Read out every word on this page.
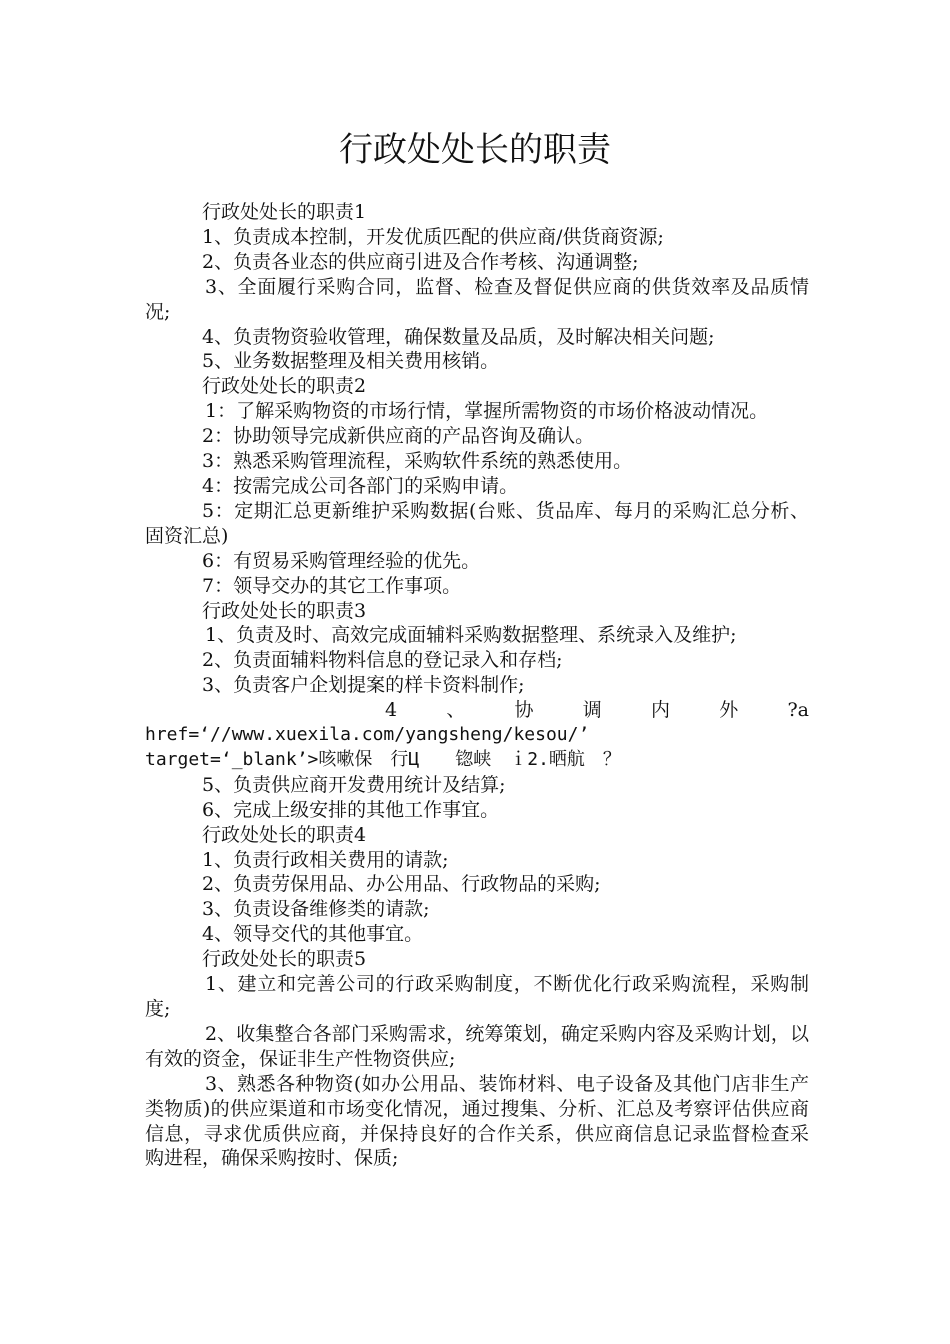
行政处处长的职责

行政处处长的职责1

1、负责成本控制，开发优质匹配的供应商/供货商资源;

2、负责各业态的供应商引进及合作考核、沟通调整;

3、全面履行采购合同，监督、检查及督促供应商的供货效率及品质情况;

4、负责物资验收管理，确保数量及品质，及时解决相关问题;

5、业务数据整理及相关费用核销。

行政处处长的职责2

1：了解采购物资的市场行情，掌握所需物资的市场价格波动情况。

2：协助领导完成新供应商的产品咨询及确认。

3：熟悉采购管理流程，采购软件系统的熟悉使用。

4：按需完成公司各部门的采购申请。

5：定期汇总更新维护采购数据(台账、货品库、每月的采购汇总分析、固资汇总)

6：有贸易采购管理经验的优先。

7：领导交办的其它工作事项。

行政处处长的职责3

1、负责及时、高效完成面辅料采购数据整理、系统录入及维护;

2、负责面辅料物料信息的登记录入和存档;

3、负责客户企划提案的样卡资料制作;

4	、	协	调	内	外	?a

href=‘//www.xuexila.com/yangsheng/kesou/’

target=‘_blank’>咳嗽保　行Ц　　锪峡　ｉ2.晒航　？

5、负责供应商开发费用统计及结算;

6、完成上级安排的其他工作事宜。

行政处处长的职责4

1、负责行政相关费用的请款;

2、负责劳保用品、办公用品、行政物品的采购;

3、负责设备维修类的请款;

4、领导交代的其他事宜。

行政处处长的职责5

1、建立和完善公司的行政采购制度，不断优化行政采购流程，采购制度;

2、收集整合各部门采购需求，统筹策划，确定采购内容及采购计划，以有效的资金，保证非生产性物资供应;

3、熟悉各种物资(如办公用品、装饰材料、电子设备及其他门店非生产类物质)的供应渠道和市场变化情况，通过搜集、分析、汇总及考察评估供应商信息，寻求优质供应商，并保持良好的合作关系，供应商信息记录监督检查采购进程，确保采购按时、保质;
